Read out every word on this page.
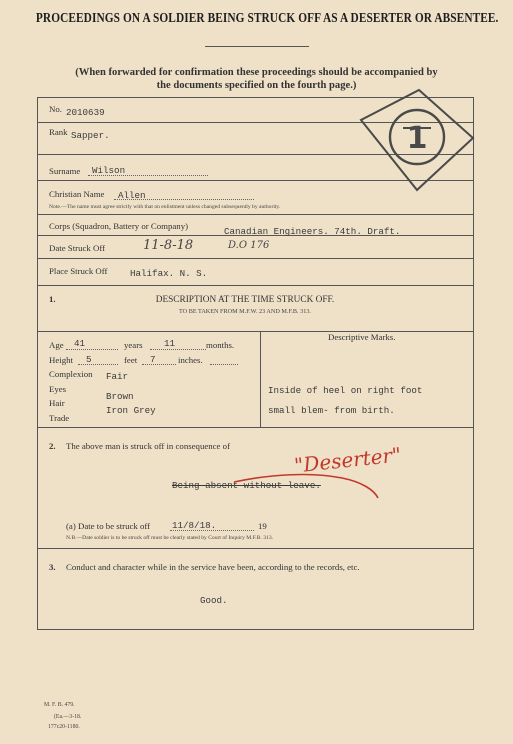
PROCEEDINGS ON A SOLDIER BEING STRUCK OFF AS A DESERTER OR ABSENTEE.
(When forwarded for confirmation these proceedings should be accompanied by
the documents specified on the fourth page.)
1
No. 2010639
Rank Sapper.
Surname Wilson
Christian Name Allen
Note.—The name must agree strictly with that on enlistment unless changed subsequently by authority.
Corps (Squadron, Battery or Company)	Canadian Engineers. 74th. Draft.
Date Struck Off	11-8-18	D.O 176
Place Struck Off Halifax. N. S.
1.	DESCRIPTION AT THE TIME STRUCK OFF.
TO BE TAKEN FROM M.F.W. 23 AND M.F.B. 313.
Age 41	years 11	months.
Height 5	feet 7	inches.
Complexion Fair
Eyes
Brown
Hair
Iron Grey
Trade
Descriptive Marks.
Inside of heel on right foot
small blem- from birth.
2. The above man is struck off in consequence of
Being absent without leave.
"Deserter"
(a) Date to be struck off 11/8/18.	19
N.B.—Date soldier is to be struck off must be clearly stated by Court of Inquiry M.F.B. 313.
3. Conduct and character while in the service have been, according to the records, etc.
Good.
M. F. B. 479.
(Ea.—3-18.
177c20-1180.
